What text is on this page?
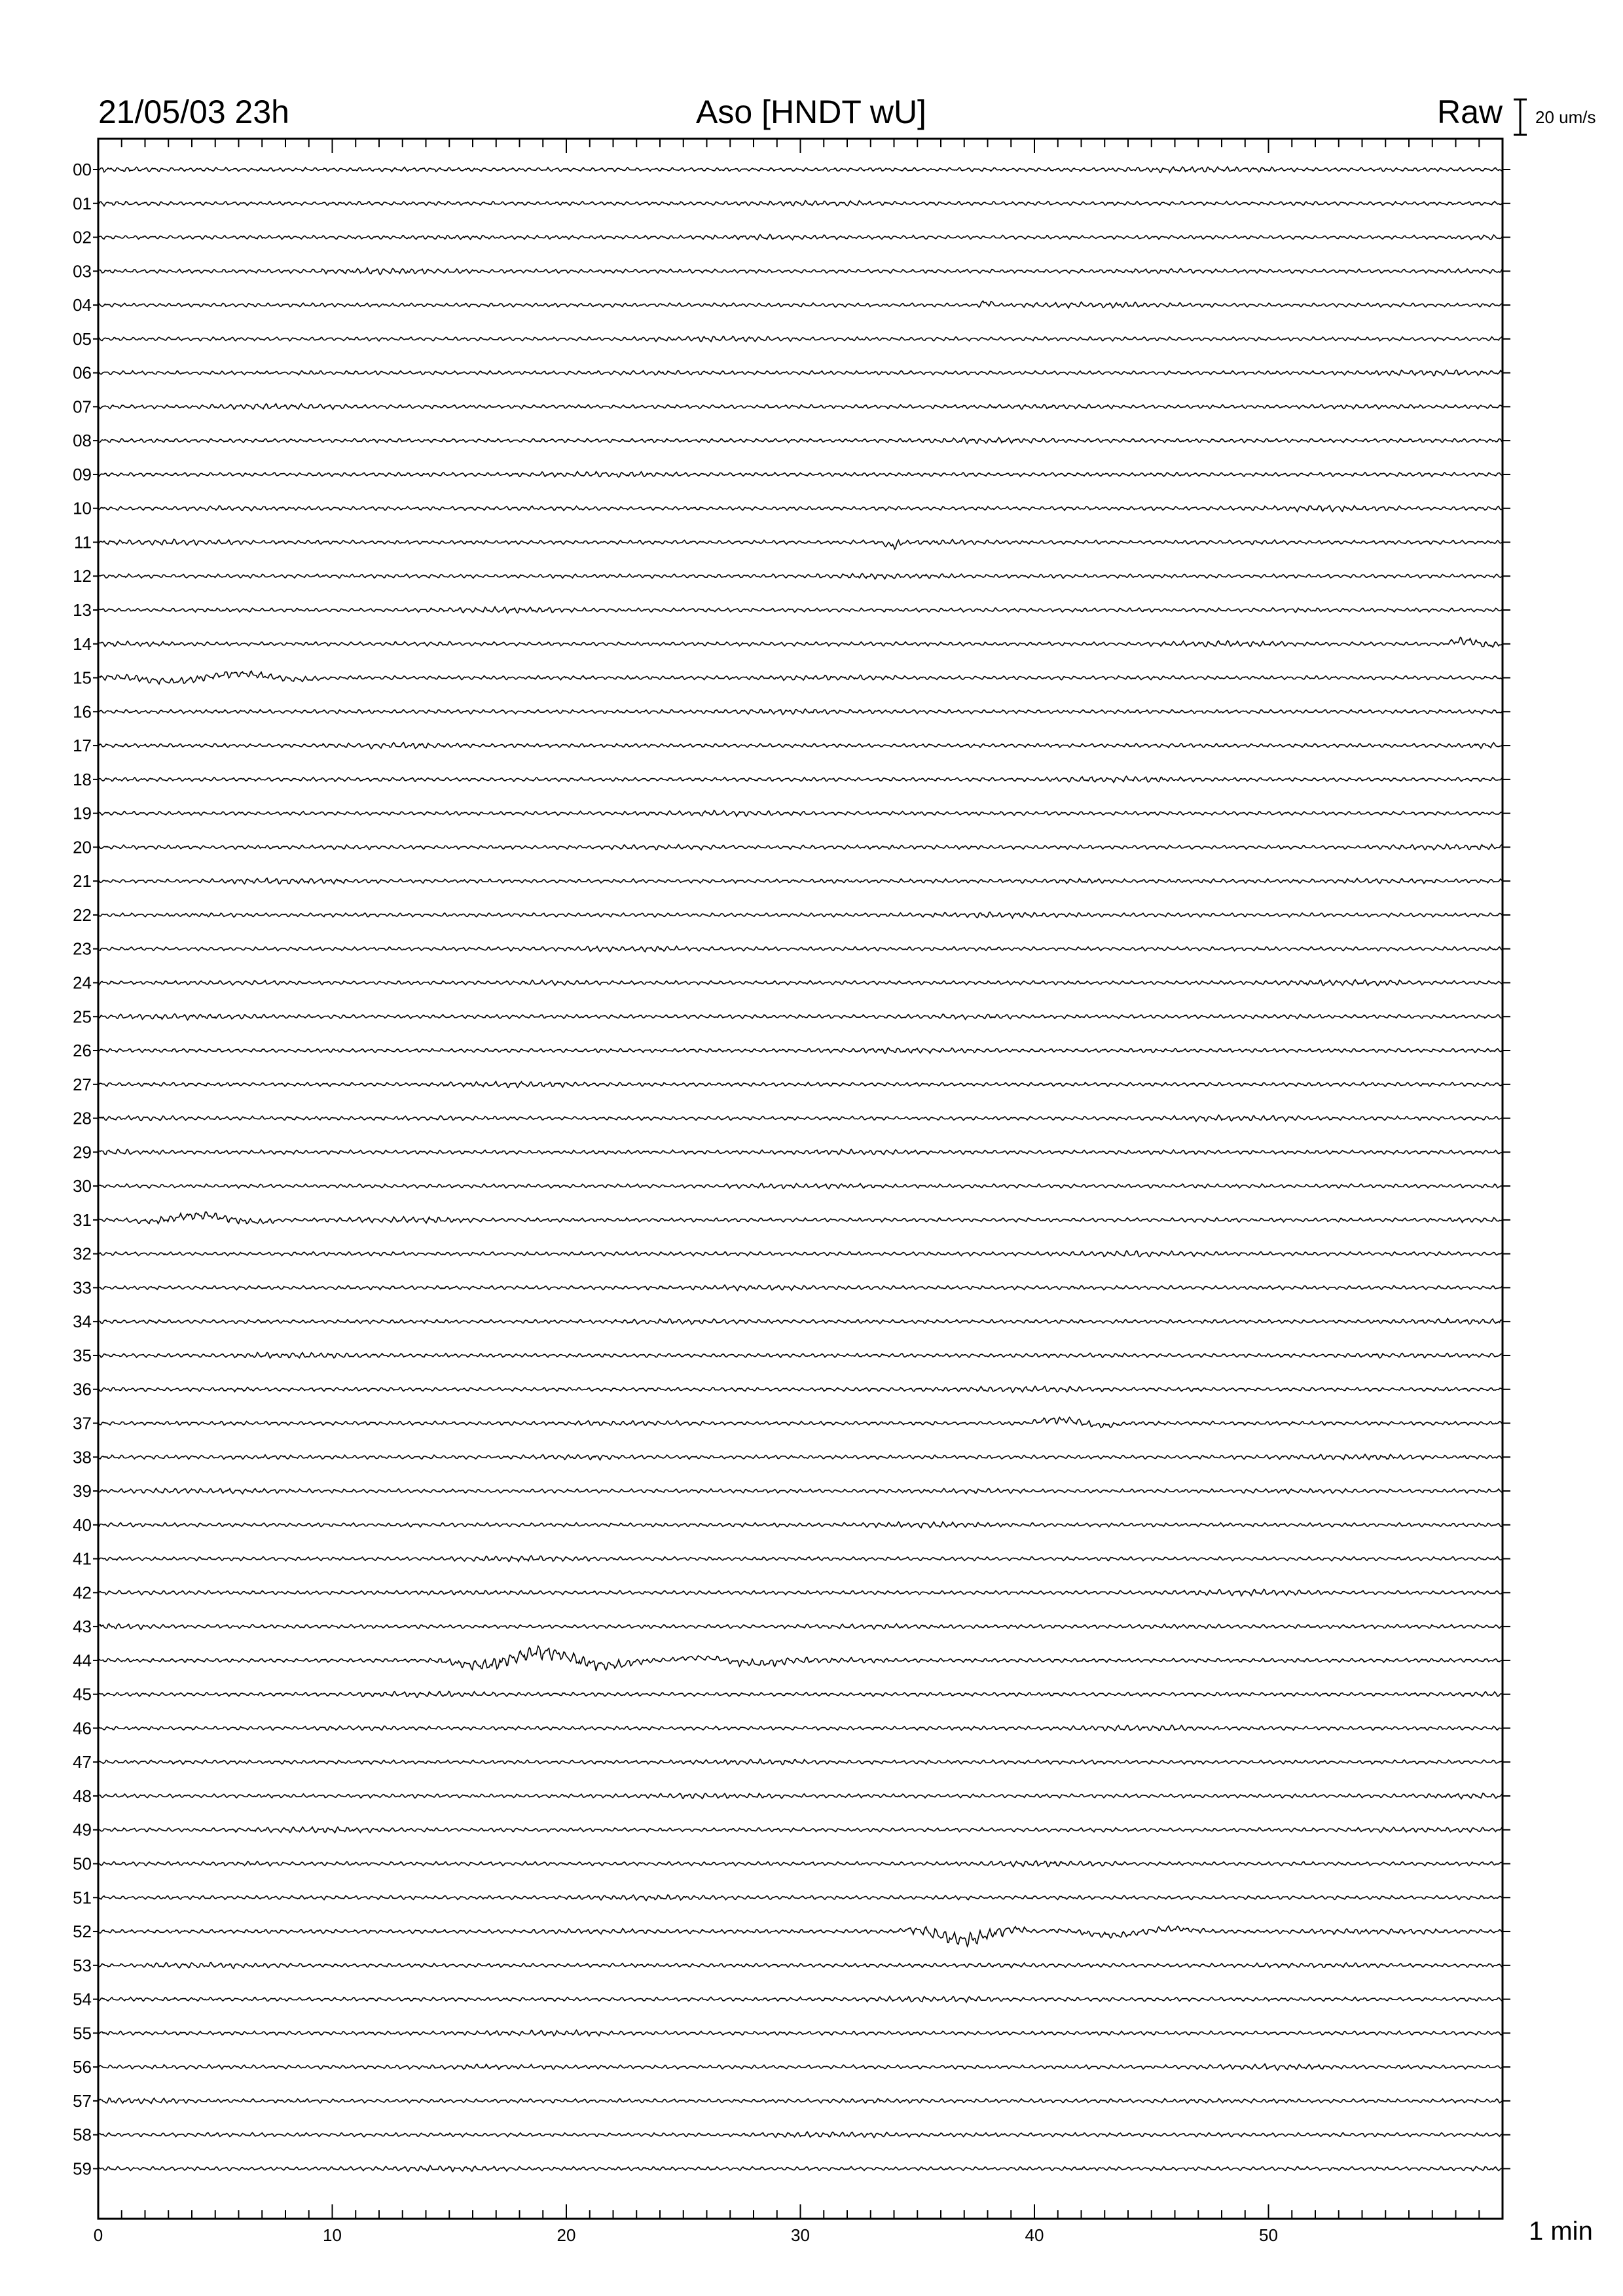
21/05/03 23h	Aso [HNDT wU]	Raw 20 um/s
00
01
02
03
04
05
06
07
08
09
10
11
12
13
14
15
16
17
18
19
20
21
22
23
24
25
26
27
28
29
30
31
32
33
34
35
36
37
38
39
40
41
42
43
44
45
46
47
48
49
50
51
52
53
54
55
56
57
58
59
0	10	20	30	40	50	1 min
